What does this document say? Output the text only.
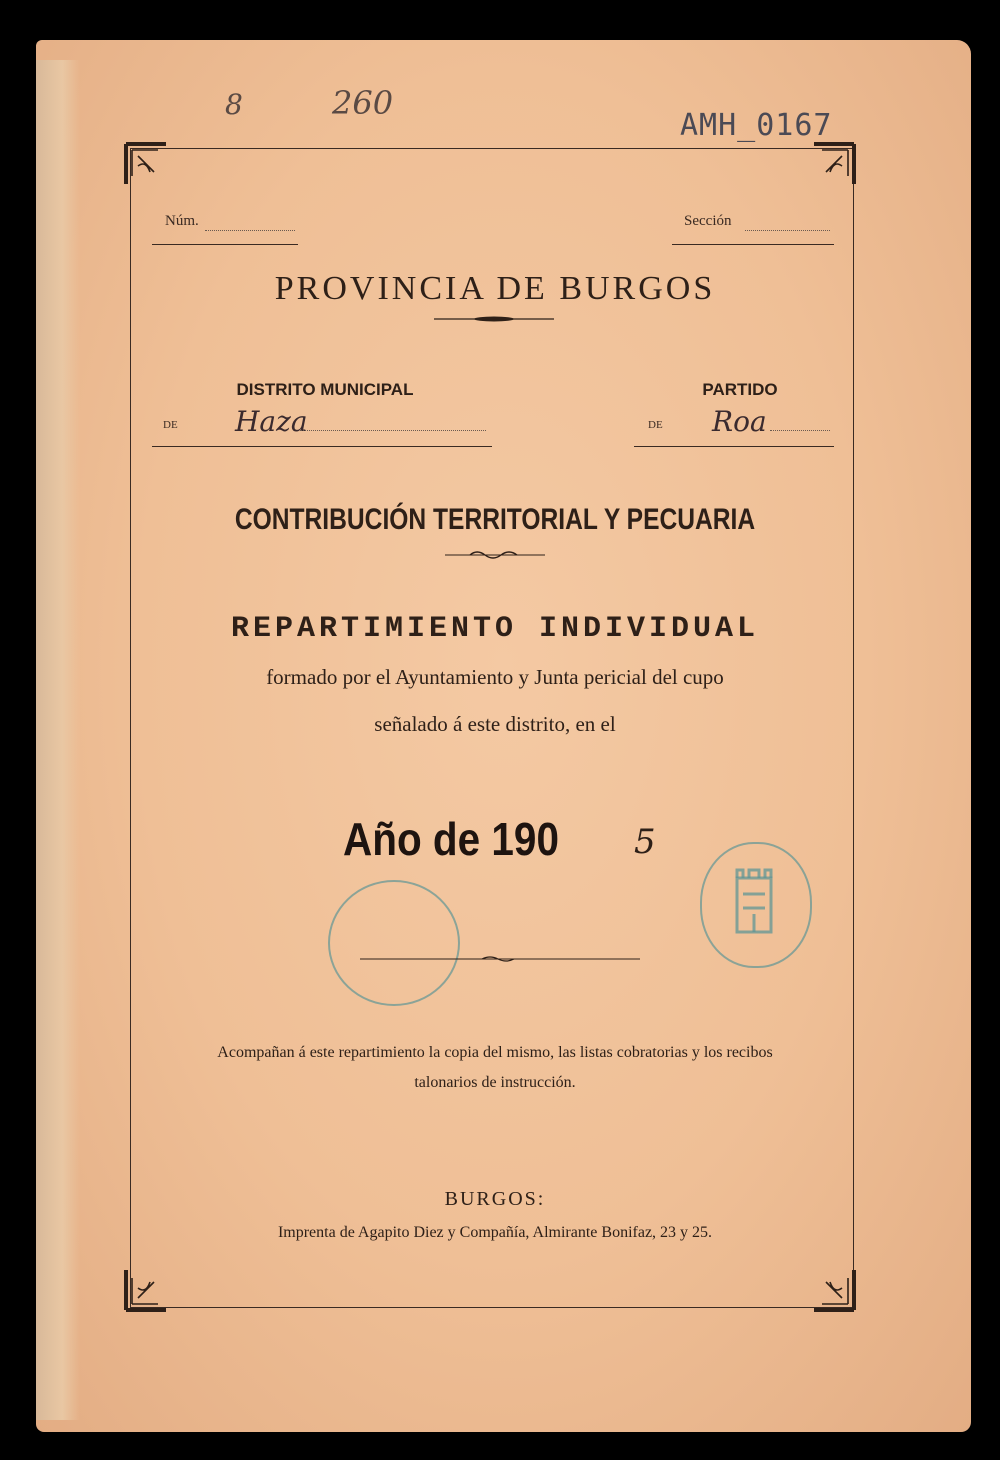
8	260
AMH_0167
Núm.	Sección
PROVINCIA DE BURGOS
DISTRITO MUNICIPAL
DE Haza
PARTIDO
DE Roa
CONTRIBUCIÓN TERRITORIAL Y PECUARIA
REPARTIMIENTO INDIVIDUAL
formado por el Ayuntamiento y Junta pericial del cupo
señalado á este distrito, en el
Año de 190 5
Acompañan á este repartimiento la copia del mismo, las listas cobratorias y los recibos
talonarios de instrucción.
BURGOS:
Imprenta de Agapito Diez y Compañía, Almirante Bonifaz, 23 y 25.
